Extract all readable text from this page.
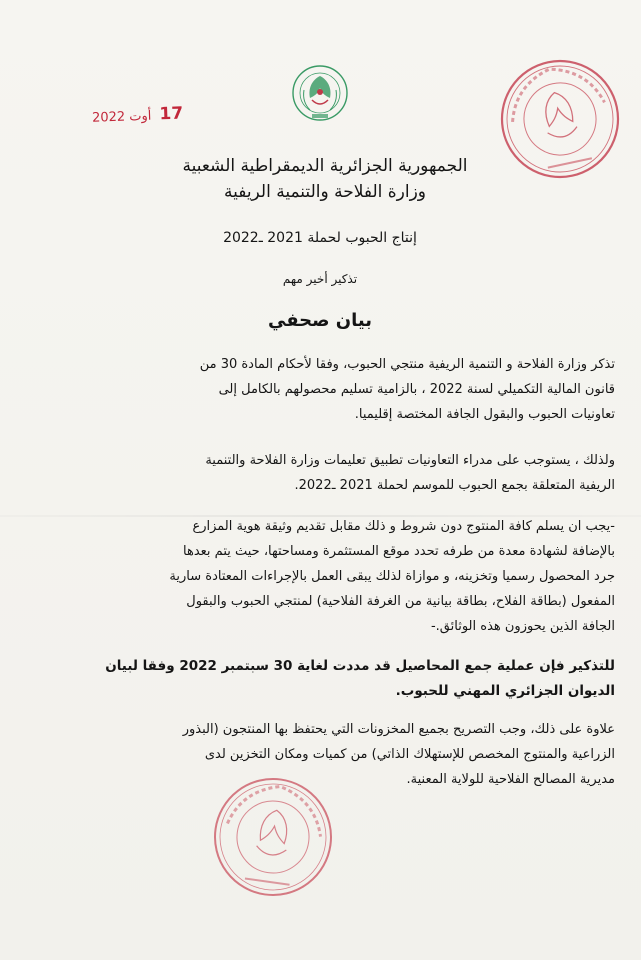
17 أوت 2022
الجمهورية الجزائرية الديمقراطية الشعبية
وزارة الفلاحة والتنمية الريفية
إنتاج الحبوب لحملة 2021 ـ2022
تذكير أخير مهم
بيان صحفي
تذكر وزارة الفلاحة و التنمية الريفية منتجي الحبوب، وفقا لأحكام المادة 30 من
قانون المالية التكميلي لسنة 2022 ، بالزامية تسليم محصولهم بالكامل إلى
تعاونيات الحبوب والبقول الجافة المختصة إقليميا.
ولذلك ، يستوجب على مدراء التعاونيات تطبيق تعليمات وزارة الفلاحة والتنمية
الريفية المتعلقة بجمع الحبوب للموسم لحملة 2021 ـ2022.
-يجب ان يسلم كافة المنتوج دون شروط و ذلك مقابل تقديم وثيقة هوية المزارع
بالإضافة لشهادة معدة من طرفه تحدد موقع المستثمرة ومساحتها، حيث يتم بعدها
جرد المحصول رسميا وتخزينه، و موازاة لذلك يبقى العمل بالإجراءات المعتادة سارية
المفعول (بطاقة الفلاح، بطاقة بيانية من الغرفة الفلاحية) لمنتجي الحبوب والبقول
الجافة الذين يحوزون هذه الوثائق.-
للتذكير فإن عملية جمع المحاصيل قد مددت لغاية 30 سبتمبر 2022 وفقا لبيان
الديوان الجزائري المهني للحبوب.
علاوة على ذلك، وجب التصريح بجميع المخزونات التي يحتفظ بها المنتجون (البذور
الزراعية والمنتوج المخصص للإستهلاك الذاتي) من كميات ومكان التخزين لدى
مديرية المصالح الفلاحية للولاية المعنية.
